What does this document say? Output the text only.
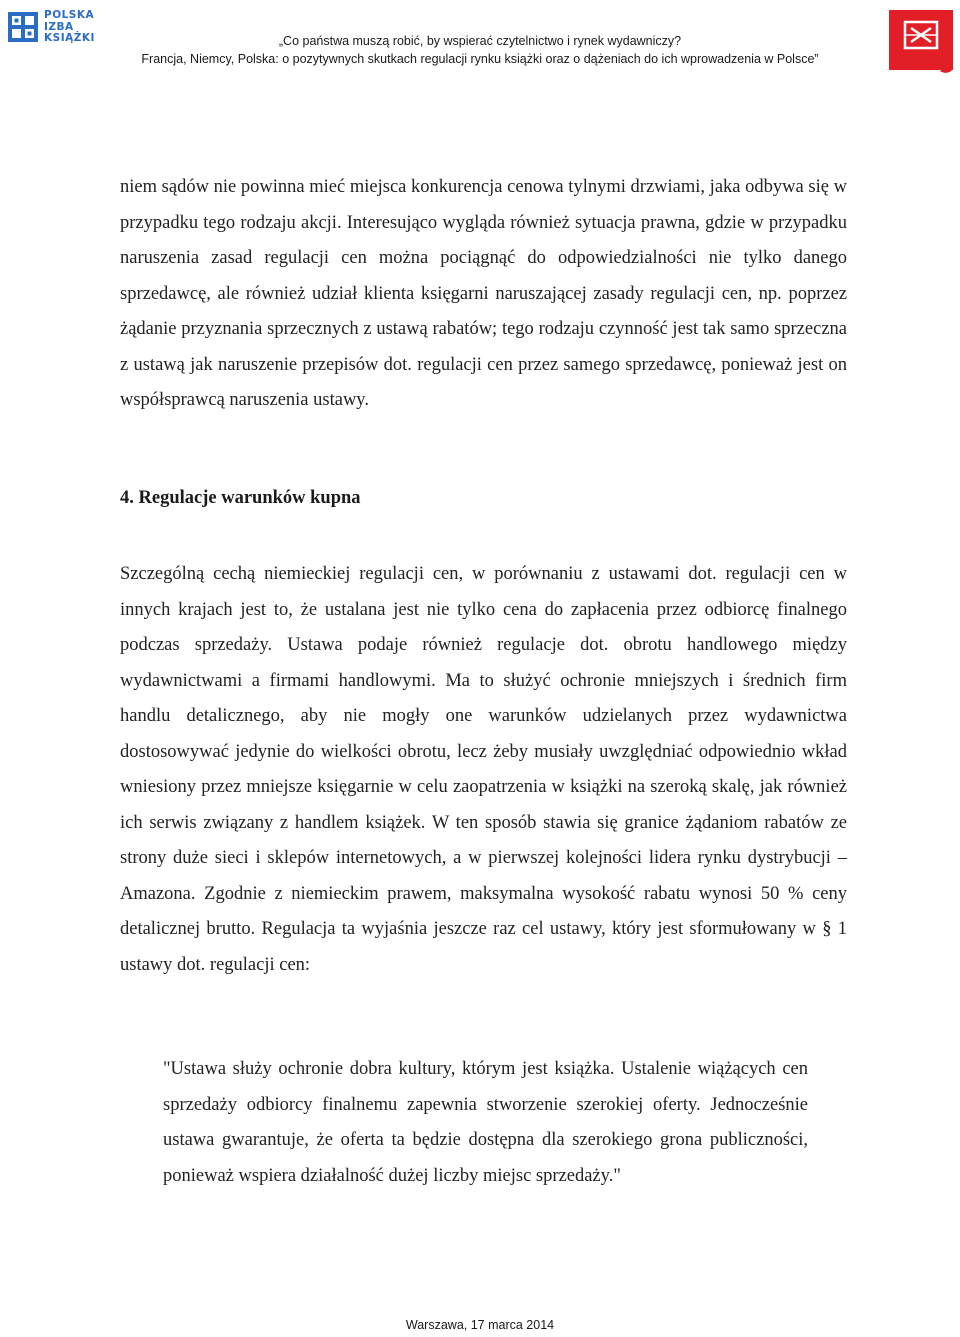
POLSKA
IZBA
KSIĄŻKI	„Co państwa muszą robić, by wspierać czytelnictwo i rynek wydawniczy?
Francja, Niemcy, Polska: o pozytywnych skutkach regulacji rynku książki oraz o dążeniach do ich wprowadzenia w Polsce”

niem sądów nie powinna mieć miejsca konkurencja cenowa tylnymi drzwiami, jaka odbywa się w przypadku tego rodzaju akcji. Interesująco wygląda również sytuacja prawna, gdzie w przypadku naruszenia zasad regulacji cen można pociągnąć do odpowiedzialności nie tylko danego sprzedawcę, ale również udział klienta księgarni naruszającej zasady regulacji cen, np. poprzez żądanie przyznania sprzecznych z ustawą rabatów; tego rodzaju czynność jest tak samo sprzeczna z ustawą jak naruszenie przepisów dot. regulacji cen przez samego sprzedawcę, ponieważ jest on współsprawcą naruszenia ustawy.

4. Regulacje warunków kupna

Szczególną cechą niemieckiej regulacji cen, w porównaniu z ustawami dot. regulacji cen w innych krajach jest to, że ustalana jest nie tylko cena do zapłacenia przez odbiorcę finalnego podczas sprzedaży. Ustawa podaje również regulacje dot. obrotu handlowego między wydawnictwami a firmami handlowymi. Ma to służyć ochronie mniejszych i średnich firm handlu detalicznego, aby nie mogły one warunków udzielanych przez wydawnictwa dostosowywać jedynie do wielkości obrotu, lecz żeby musiały uwzględniać odpowiednio wkład wniesiony przez mniejsze księgarnie w celu zaopatrzenia w książki na szeroką skalę, jak również ich serwis związany z handlem książek. W ten sposób stawia się granice żądaniom rabatów ze strony duże sieci i sklepów internetowych, a w pierwszej kolejności lidera rynku dystrybucji – Amazona. Zgodnie z niemieckim prawem, maksymalna wysokość rabatu wynosi 50 % ceny detalicznej brutto. Regulacja ta wyjaśnia jeszcze raz cel ustawy, który jest sformułowany w § 1 ustawy dot. regulacji cen:

"Ustawa służy ochronie dobra kultury, którym jest książka. Ustalenie wiążących cen sprzedaży odbiorcy finalnemu zapewnia stworzenie szerokiej oferty. Jednocześnie ustawa gwarantuje, że oferta ta będzie dostępna dla szerokiego grona publiczności, ponieważ wspiera działalność dużej liczby miejsc sprzedaży."

Warszawa, 17 marca 2014
